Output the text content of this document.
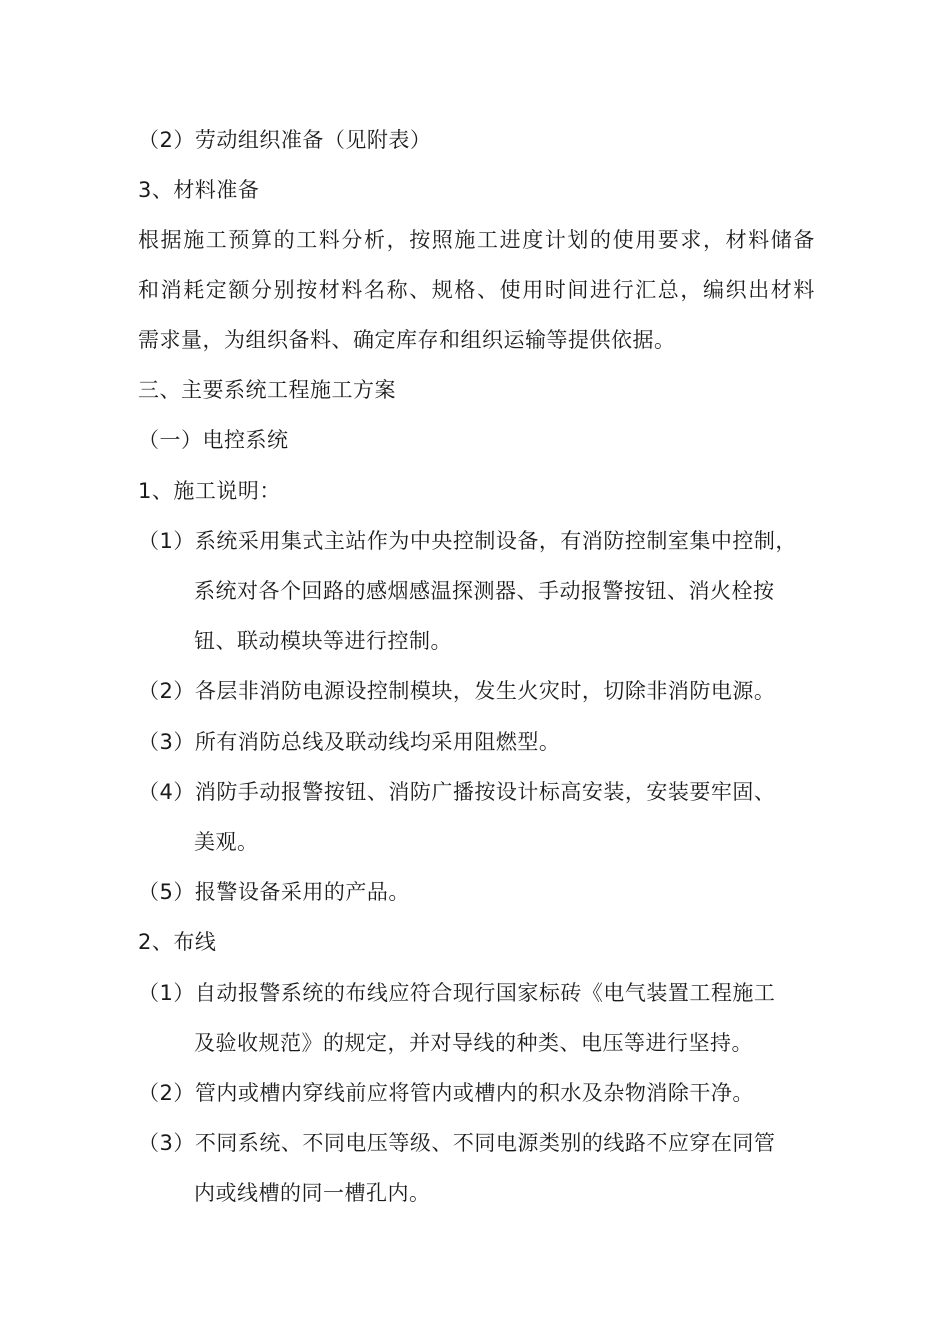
（2）劳动组织准备（见附表）
3、材料准备
根据施工预算的工料分析，按照施工进度计划的使用要求，材料储备
和消耗定额分别按材料名称、规格、使用时间进行汇总，编织出材料
需求量，为组织备料、确定库存和组织运输等提供依据。
三、主要系统工程施工方案
（一）电控系统
1、施工说明：
（1）系统采用集式主站作为中央控制设备，有消防控制室集中控制，
系统对各个回路的感烟感温探测器、手动报警按钮、消火栓按
钮、联动模块等进行控制。
（2）各层非消防电源设控制模块，发生火灾时，切除非消防电源。
（3）所有消防总线及联动线均采用阻燃型。
（4）消防手动报警按钮、消防广播按设计标高安装，安装要牢固、
美观。
（5）报警设备采用的产品。
2、布线
（1）自动报警系统的布线应符合现行国家标砖《电气装置工程施工
及验收规范》的规定，并对导线的种类、电压等进行坚持。
（2）管内或槽内穿线前应将管内或槽内的积水及杂物消除干净。
（3）不同系统、不同电压等级、不同电源类别的线路不应穿在同管
内或线槽的同一槽孔内。
